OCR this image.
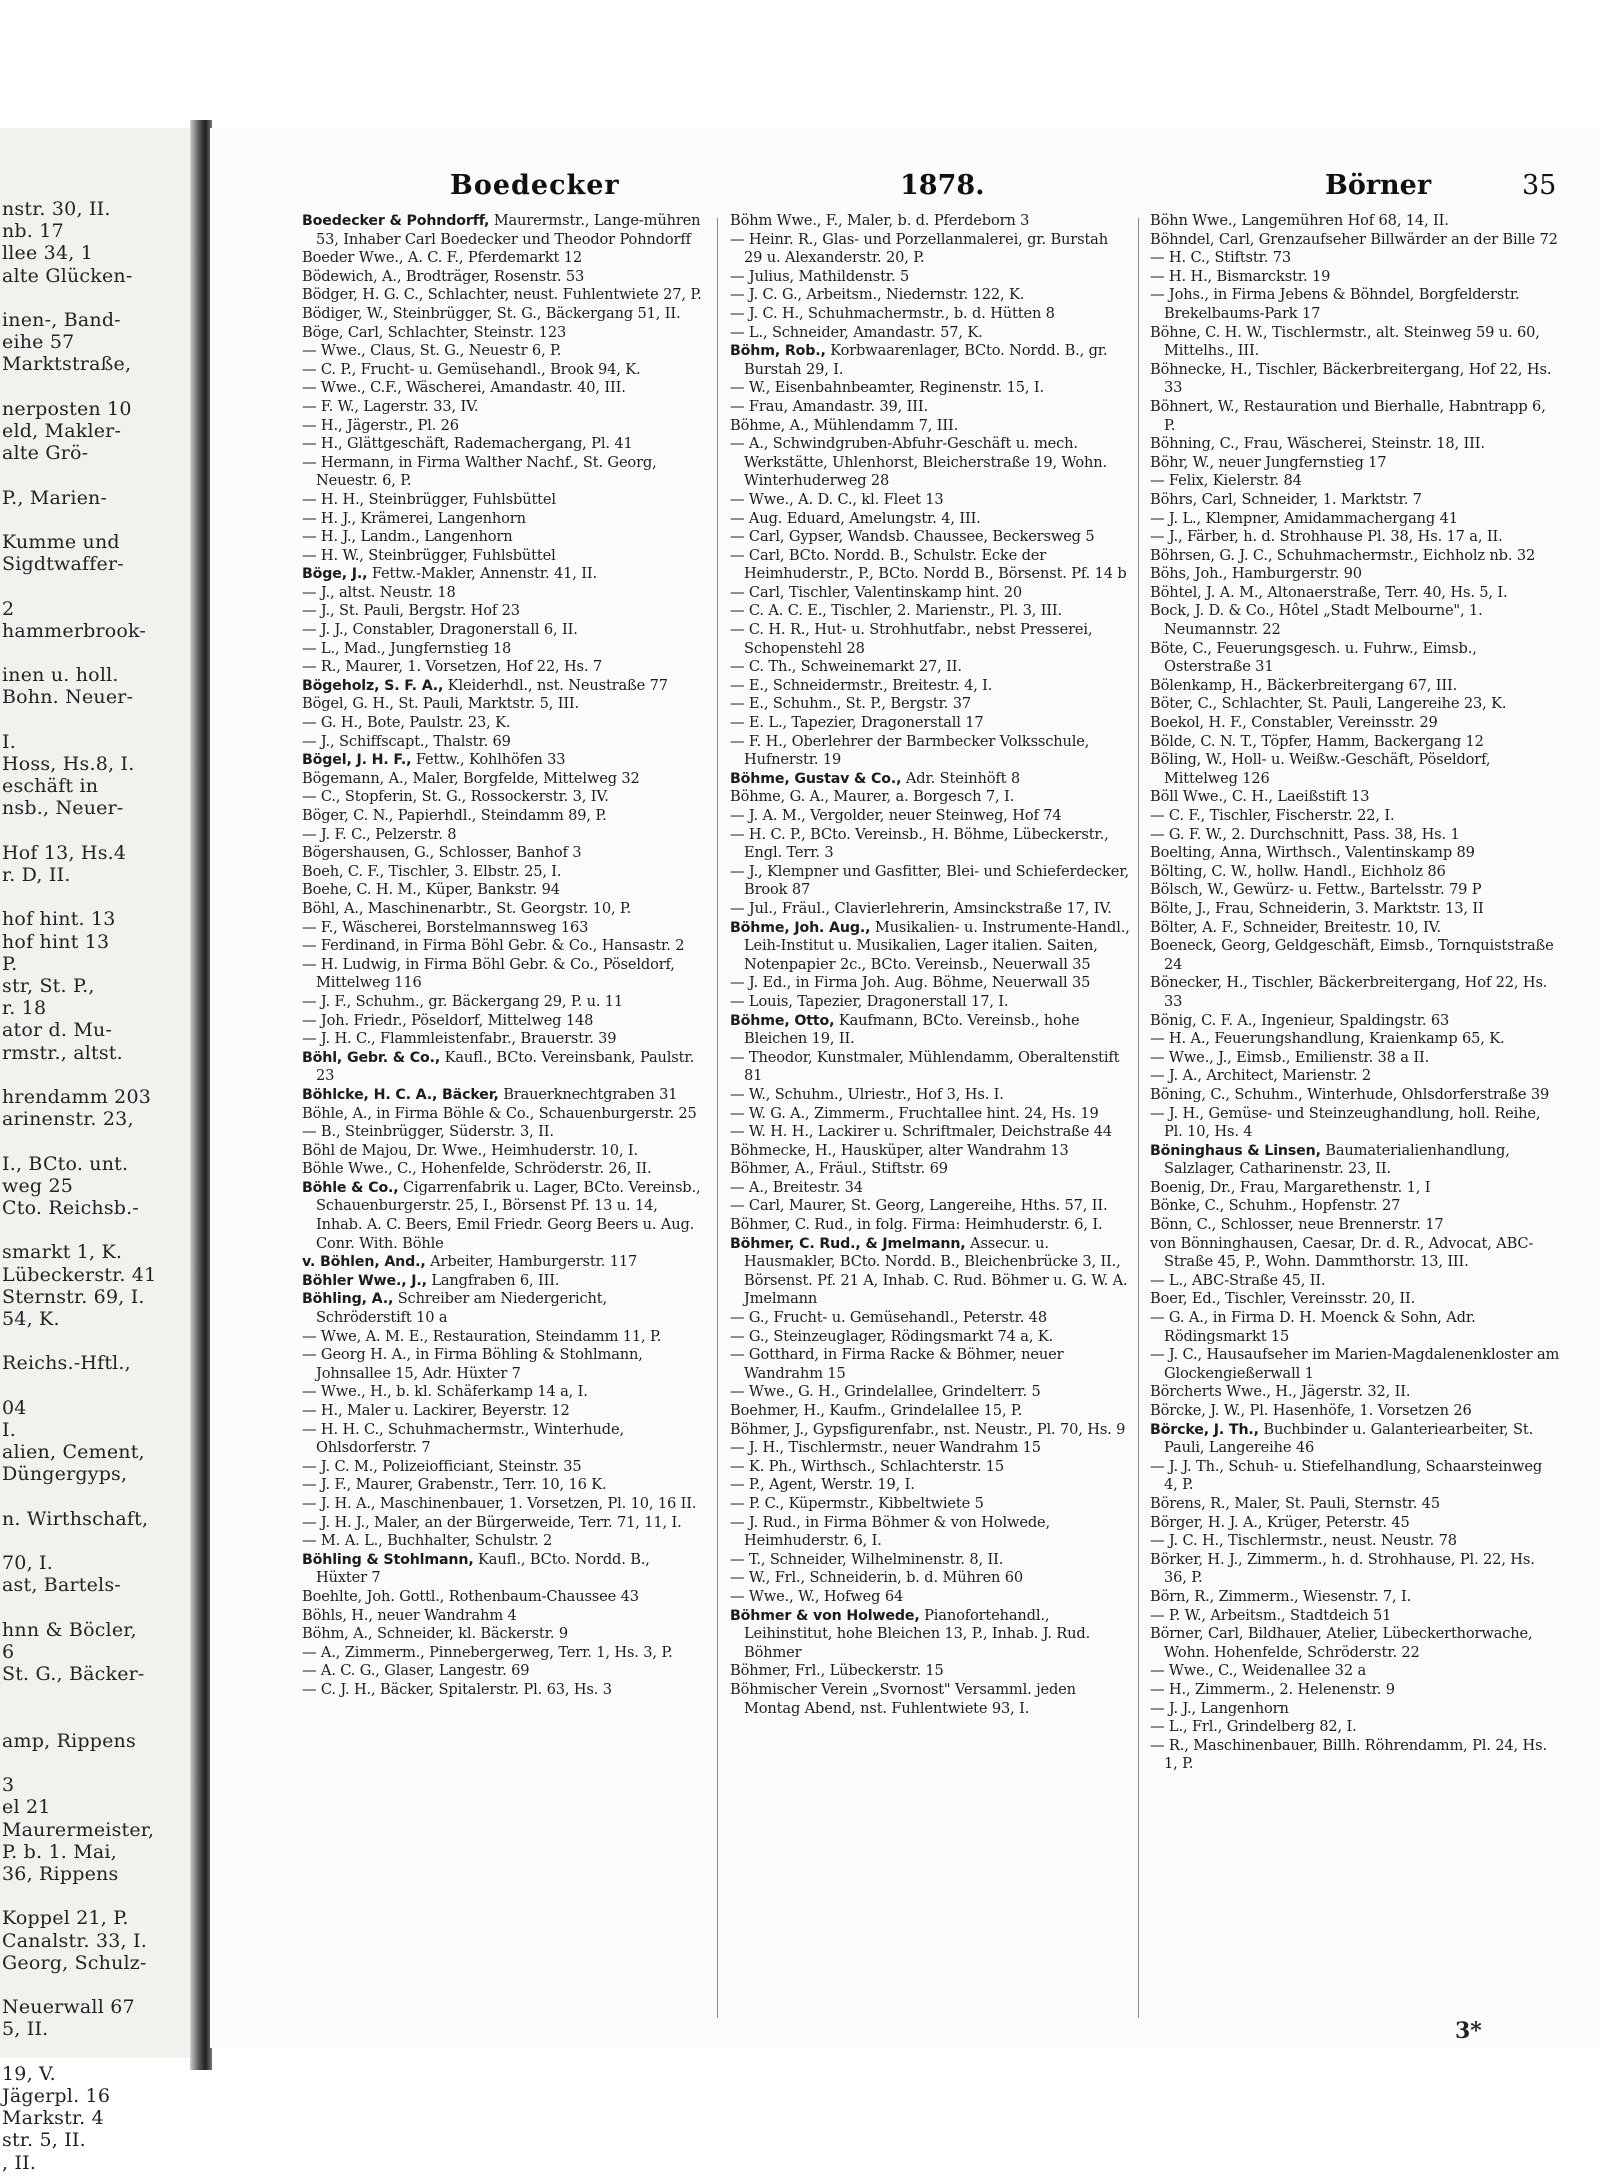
nstr. 30, II.
nb. 17
llee 34, 1
alte Glücken-
inen-, Band-
eihe 57
Marktstraße,
nerposten 10
eld, Makler-
alte Grö-
P., Marien-
Kumme und
Sigdtwaffer-
2
hammerbrook-
inen u. holl.
Bohn. Neuer-
I.
Hoss, Hs.8, I.
eschäft in
nsb., Neuer-
Hof 13, Hs.4
r. D, II.
hof hint. 13
hof hint 13
P.
str, St. P.,
r. 18
ator d. Mu-
rmstr., altst.
hrendamm 203
arinenstr. 23,
I., BCto. unt.
weg 25
Cto. Reichsb.-
smarkt 1, K.
Lübeckerstr. 41
Sternstr. 69, I.
54, K.
Reichs.-Hftl.,
04
I.
alien, Cement,
Düngergyps,
n. Wirthschaft,
70, I.
ast, Bartels-
hnn & Böcler,
6
St. G., Bäcker-
amp, Rippens
3
el 21
Maurermeister,
P. b. 1. Mai,
36, Rippens
Koppel 21, P.
Canalstr. 33, I.
Georg, Schulz-
Neuerwall 67
5, II.
19, V.
Jägerpl. 16
Markstr. 4
str. 5, II.
, II.
Boedecker	1878.	Börner	35
Boedecker & Pohndorff, Maurermstr., Lange-mühren 53, Inhaber Carl Boedecker und Theodor Pohndorff
Boeder Wwe., A. C. F., Pferdemarkt 12
Bödewich, A., Brodträger, Rosenstr. 53
Bödger, H. G. C., Schlachter, neust. Fuhlentwiete 27, P.
Bödiger, W., Steinbrügger, St. G., Bäckergang 51, II.
Böge, Carl, Schlachter, Steinstr. 123
— Wwe., Claus, St. G., Neuestr 6, P.
— C. P., Frucht- u. Gemüsehandl., Brook 94, K.
— Wwe., C.F., Wäscherei, Amandastr. 40, III.
— F. W., Lagerstr. 33, IV.
— H., Jägerstr., Pl. 26
— H., Glättgeschäft, Rademachergang, Pl. 41
— Hermann, in Firma Walther Nachf., St. Georg, Neuestr. 6, P.
— H. H., Steinbrügger, Fuhlsbüttel
— H. J., Krämerei, Langenhorn
— H. J., Landm., Langenhorn
— H. W., Steinbrügger, Fuhlsbüttel
Böge, J., Fettw.-Makler, Annenstr. 41, II.
— J., altst. Neustr. 18
— J., St. Pauli, Bergstr. Hof 23
— J. J., Constabler, Dragonerstall 6, II.
— L., Mad., Jungfernstieg 18
— R., Maurer, 1. Vorsetzen, Hof 22, Hs. 7
Bögeholz, S. F. A., Kleiderhdl., nst. Neustraße 77
Bögel, G. H., St. Pauli, Marktstr. 5, III.
— G. H., Bote, Paulstr. 23, K.
— J., Schiffscapt., Thalstr. 69
Bögel, J. H. F., Fettw., Kohlhöfen 33
Bögemann, A., Maler, Borgfelde, Mittelweg 32
— C., Stopferin, St. G., Rossockerstr. 3, IV.
Böger, C. N., Papierhdl., Steindamm 89, P.
— J. F. C., Pelzerstr. 8
Bögershausen, G., Schlosser, Banhof 3
Boeh, C. F., Tischler, 3. Elbstr. 25, I.
Boehe, C. H. M., Küper, Bankstr. 94
Böhl, A., Maschinenarbtr., St. Georgstr. 10, P.
— F., Wäscherei, Borstelmannsweg 163
— Ferdinand, in Firma Böhl Gebr. & Co., Hansastr. 2
— H. Ludwig, in Firma Böhl Gebr. & Co., Pöseldorf, Mittelweg 116
— J. F., Schuhm., gr. Bäckergang 29, P. u. 11
— Joh. Friedr., Pöseldorf, Mittelweg 148
— J. H. C., Flammleistenfabr., Brauerstr. 39
Böhl, Gebr. & Co., Kaufl., BCto. Vereinsbank, Paulstr. 23
Böhlcke, H. C. A., Bäcker, Brauerknechtgraben 31
Böhle, A., in Firma Böhle & Co., Schauenburgerstr. 25
— B., Steinbrügger, Süderstr. 3, II.
Böhl de Majou, Dr. Wwe., Heimhuderstr. 10, I.
Böhle Wwe., C., Hohenfelde, Schröderstr. 26, II.
Böhle & Co., Cigarrenfabrik u. Lager, BCto. Vereinsb., Schauenburgerstr. 25, I., Börsenst Pf. 13 u. 14, Inhab. A. C. Beers, Emil Friedr. Georg Beers u. Aug. Conr. With. Böhle
v. Böhlen, And., Arbeiter, Hamburgerstr. 117
Böhler Wwe., J., Langfraben 6, III.
Böhling, A., Schreiber am Niedergericht, Schröderstift 10 a
— Wwe, A. M. E., Restauration, Steindamm 11, P.
— Georg H. A., in Firma Böhling & Stohlmann, Johnsallee 15, Adr. Hüxter 7
— Wwe., H., b. kl. Schäferkamp 14 a, I.
— H., Maler u. Lackirer, Beyerstr. 12
— H. H. C., Schuhmachermstr., Winterhude, Ohlsdorferstr. 7
— J. C. M., Polizeiofficiant, Steinstr. 35
— J. F., Maurer, Grabenstr., Terr. 10, 16 K.
— J. H. A., Maschinenbauer, 1. Vorsetzen, Pl. 10, 16 II.
— J. H. J., Maler, an der Bürgerweide, Terr. 71, 11, I.
— M. A. L., Buchhalter, Schulstr. 2
Böhling & Stohlmann, Kaufl., BCto. Nordd. B., Hüxter 7
Boehlte, Joh. Gottl., Rothenbaum-Chaussee 43
Böhls, H., neuer Wandrahm 4
Böhm, A., Schneider, kl. Bäckerstr. 9
— A., Zimmerm., Pinnebergerweg, Terr. 1, Hs. 3, P.
— A. C. G., Glaser, Langestr. 69
— C. J. H., Bäcker, Spitalerstr. Pl. 63, Hs. 3
Böhm Wwe., F., Maler, b. d. Pferdeborn 3
— Heinr. R., Glas- und Porzellanmalerei, gr. Burstah 29 u. Alexanderstr. 20, P.
— Julius, Mathildenstr. 5
— J. C. G., Arbeitsm., Niedernstr. 122, K.
— J. C. H., Schuhmachermstr., b. d. Hütten 8
— L., Schneider, Amandastr. 57, K.
Böhm, Rob., Korbwaarenlager, BCto. Nordd. B., gr. Burstah 29, I.
— W., Eisenbahnbeamter, Reginenstr. 15, I.
— Frau, Amandastr. 39, III.
Böhme, A., Mühlendamm 7, III.
— A., Schwindgruben-Abfuhr-Geschäft u. mech. Werkstätte, Uhlenhorst, Bleicherstraße 19, Wohn. Winterhuderweg 28
— Wwe., A. D. C., kl. Fleet 13
— Aug. Eduard, Amelungstr. 4, III.
— Carl, Gypser, Wandsb. Chaussee, Beckersweg 5
— Carl, BCto. Nordd. B., Schulstr. Ecke der Heimhuderstr., P., BCto. Nordd B., Börsenst. Pf. 14 b
— Carl, Tischler, Valentinskamp hint. 20
— C. A. C. E., Tischler, 2. Marienstr., Pl. 3, III.
— C. H. R., Hut- u. Strohhutfabr., nebst Presserei, Schopenstehl 28
— C. Th., Schweinemarkt 27, II.
— E., Schneidermstr., Breitestr. 4, I.
— E., Schuhm., St. P., Bergstr. 37
— E. L., Tapezier, Dragonerstall 17
— F. H., Oberlehrer der Barmbecker Volksschule, Hufnerstr. 19
Böhme, Gustav & Co., Adr. Steinhöft 8
Böhme, G. A., Maurer, a. Borgesch 7, I.
— J. A. M., Vergolder, neuer Steinweg, Hof 74
— H. C. P., BCto. Vereinsb., H. Böhme, Lübeckerstr., Engl. Terr. 3
— J., Klempner und Gasfitter, Blei- und Schieferdecker, Brook 87
— Jul., Fräul., Clavierlehrerin, Amsinckstraße 17, IV.
Böhme, Joh. Aug., Musikalien- u. Instrumente-Handl., Leih-Institut u. Musikalien, Lager italien. Saiten, Notenpapier 2c., BCto. Vereinsb., Neuerwall 35
— J. Ed., in Firma Joh. Aug. Böhme, Neuerwall 35
— Louis, Tapezier, Dragonerstall 17, I.
Böhme, Otto, Kaufmann, BCto. Vereinsb., hohe Bleichen 19, II.
— Theodor, Kunstmaler, Mühlendamm, Oberaltenstift 81
— W., Schuhm., Ulriestr., Hof 3, Hs. I.
— W. G. A., Zimmerm., Fruchtallee hint. 24, Hs. 19
— W. H. H., Lackirer u. Schriftmaler, Deichstraße 44
Böhmecke, H., Hausküper, alter Wandrahm 13
Böhmer, A., Fräul., Stiftstr. 69
— A., Breitestr. 34
— Carl, Maurer, St. Georg, Langereihe, Hths. 57, II.
Böhmer, C. Rud., in folg. Firma: Heimhuderstr. 6, I.
Böhmer, C. Rud., & Jmelmann, Assecur. u. Hausmakler, BCto. Nordd. B., Bleichenbrücke 3, II., Börsenst. Pf. 21 A, Inhab. C. Rud. Böhmer u. G. W. A. Jmelmann
— G., Frucht- u. Gemüsehandl., Peterstr. 48
— G., Steinzeuglager, Rödingsmarkt 74 a, K.
— Gotthard, in Firma Racke & Böhmer, neuer Wandrahm 15
— Wwe., G. H., Grindelallee, Grindelterr. 5
Boehmer, H., Kaufm., Grindelallee 15, P.
Böhmer, J., Gypsfigurenfabr., nst. Neustr., Pl. 70, Hs. 9
— J. H., Tischlermstr., neuer Wandrahm 15
— K. Ph., Wirthsch., Schlachterstr. 15
— P., Agent, Werstr. 19, I.
— P. C., Küpermstr., Kibbeltwiete 5
— J. Rud., in Firma Böhmer & von Holwede, Heimhuderstr. 6, I.
— T., Schneider, Wilhelminenstr. 8, II.
— W., Frl., Schneiderin, b. d. Mühren 60
— Wwe., W., Hofweg 64
Böhmer & von Holwede, Pianofortehandl., Leihinstitut, hohe Bleichen 13, P., Inhab. J. Rud. Böhmer
Böhmer, Frl., Lübeckerstr. 15
Böhmischer Verein „Svornost" Versamml. jeden Montag Abend, nst. Fuhlentwiete 93, I.
Böhn Wwe., Langemühren Hof 68, 14, II.
Böhndel, Carl, Grenzaufseher Billwärder an der Bille 72
— H. C., Stiftstr. 73
— H. H., Bismarckstr. 19
— Johs., in Firma Jebens & Böhndel, Borgfelderstr. Brekelbaums-Park 17
Böhne, C. H. W., Tischlermstr., alt. Steinweg 59 u. 60, Mittelhs., III.
Böhnecke, H., Tischler, Bäckerbreitergang, Hof 22, Hs. 33
Böhnert, W., Restauration und Bierhalle, Habntrapp 6, P.
Böhning, C., Frau, Wäscherei, Steinstr. 18, III.
Böhr, W., neuer Jungfernstieg 17
— Felix, Kielerstr. 84
Böhrs, Carl, Schneider, 1. Marktstr. 7
— J. L., Klempner, Amidammachergang 41
— J., Färber, h. d. Strohhause Pl. 38, Hs. 17 a, II.
Böhrsen, G. J. C., Schuhmachermstr., Eichholz nb. 32
Böhs, Joh., Hamburgerstr. 90
Böhtel, J. A. M., Altonaerstraße, Terr. 40, Hs. 5, I.
Bock, J. D. & Co., Hôtel „Stadt Melbourne", 1. Neumannstr. 22
Böte, C., Feuerungsgesch. u. Fuhrw., Eimsb., Osterstraße 31
Bölenkamp, H., Bäckerbreitergang 67, III.
Böter, C., Schlachter, St. Pauli, Langereihe 23, K.
Boekol, H. F., Constabler, Vereinsstr. 29
Bölde, C. N. T., Töpfer, Hamm, Backergang 12
Böling, W., Holl- u. Weißw.-Geschäft, Pöseldorf, Mittelweg 126
Böll Wwe., C. H., Laeißstift 13
— C. F., Tischler, Fischerstr. 22, I.
— G. F. W., 2. Durchschnitt, Pass. 38, Hs. 1
Boelting, Anna, Wirthsch., Valentinskamp 89
Bölting, C. W., hollw. Handl., Eichholz 86
Bölsch, W., Gewürz- u. Fettw., Bartelsstr. 79 P
Bölte, J., Frau, Schneiderin, 3. Marktstr. 13, II
Bölter, A. F., Schneider, Breitestr. 10, IV.
Boeneck, Georg, Geldgeschäft, Eimsb., Tornquiststraße 24
Bönecker, H., Tischler, Bäckerbreitergang, Hof 22, Hs. 33
Bönig, C. F. A., Ingenieur, Spaldingstr. 63
— H. A., Feuerungshandlung, Kraienkamp 65, K.
— Wwe., J., Eimsb., Emilienstr. 38 a II.
— J. A., Architect, Marienstr. 2
Böning, C., Schuhm., Winterhude, Ohlsdorferstraße 39
— J. H., Gemüse- und Steinzeughandlung, holl. Reihe, Pl. 10, Hs. 4
Böninghaus & Linsen, Baumaterialienhandlung, Salzlager, Catharinenstr. 23, II.
Boenig, Dr., Frau, Margarethenstr. 1, I
Bönke, C., Schuhm., Hopfenstr. 27
Bönn, C., Schlosser, neue Brennerstr. 17
von Bönninghausen, Caesar, Dr. d. R., Advocat, ABC-Straße 45, P., Wohn. Dammthorstr. 13, III.
— L., ABC-Straße 45, II.
Boer, Ed., Tischler, Vereinsstr. 20, II.
— G. A., in Firma D. H. Moenck & Sohn, Adr. Rödingsmarkt 15
— J. C., Hausaufseher im Marien-Magdalenenkloster am Glockengießerwall 1
Börcherts Wwe., H., Jägerstr. 32, II.
Börcke, J. W., Pl. Hasenhöfe, 1. Vorsetzen 26
Börcke, J. Th., Buchbinder u. Galanteriearbeiter, St. Pauli, Langereihe 46
— J. J. Th., Schuh- u. Stiefelhandlung, Schaarsteinweg 4, P.
Börens, R., Maler, St. Pauli, Sternstr. 45
Börger, H. J. A., Krüger, Peterstr. 45
— J. C. H., Tischlermstr., neust. Neustr. 78
Börker, H. J., Zimmerm., h. d. Strohhause, Pl. 22, Hs. 36, P.
Börn, R., Zimmerm., Wiesenstr. 7, I.
— P. W., Arbeitsm., Stadtdeich 51
Börner, Carl, Bildhauer, Atelier, Lübeckerthorwache, Wohn. Hohenfelde, Schröderstr. 22
— Wwe., C., Weidenallee 32 a
— H., Zimmerm., 2. Helenenstr. 9
— J. J., Langenhorn
— L., Frl., Grindelberg 82, I.
— R., Maschinenbauer, Billh. Röhrendamm, Pl. 24, Hs. 1, P.
3*
